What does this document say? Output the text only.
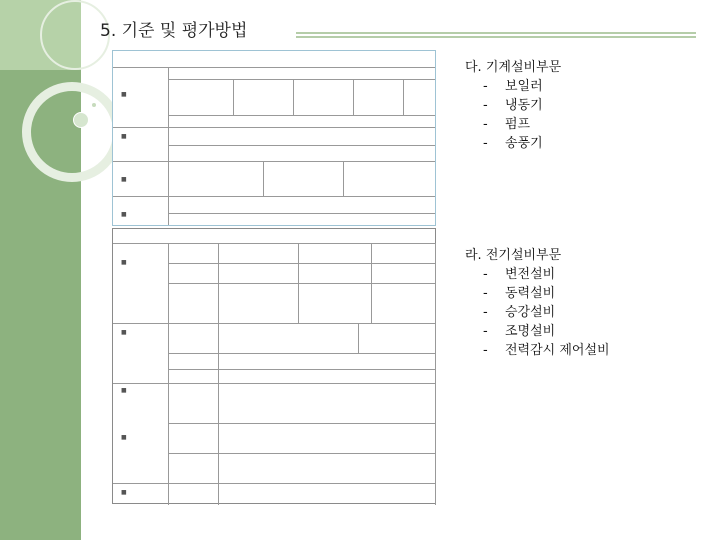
5. 기준 및 평가방법
■
■
■
■
■
■
■
■
■
다. 기계설비부문
- 보일러
- 냉동기
- 펌프
- 송풍기
라. 전기설비부문
- 변전설비
- 동력설비
- 승강설비
- 조명설비
- 전력감시 제어설비
